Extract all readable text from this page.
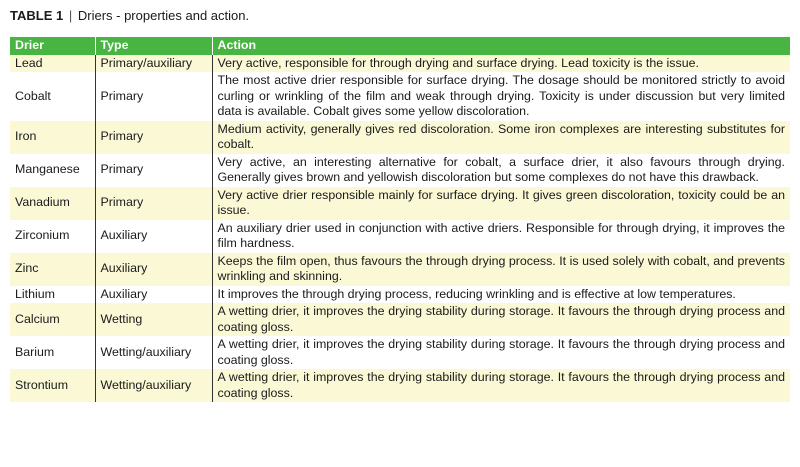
TABLE 1 | Driers - properties and action.
Drier	Type	Action
Lead	Primary/auxiliary	Very active, responsible for through drying and surface drying. Lead toxicity is the issue.
Cobalt	Primary	The most active drier responsible for surface drying. The dosage should be monitored strictly to avoid curling or wrinkling of the film and weak through drying. Toxicity is under discussion but very limited data is available. Cobalt gives some yellow discoloration.
Iron	Primary	Medium activity, generally gives red discoloration. Some iron complexes are interesting substitutes for cobalt.
Manganese	Primary	Very active, an interesting alternative for cobalt, a surface drier, it also favours through drying. Generally gives brown and yellowish discoloration but some complexes do not have this drawback.
Vanadium	Primary	Very active drier responsible mainly for surface drying. It gives green discoloration, toxicity could be an issue.
Zirconium	Auxiliary	An auxiliary drier used in conjunction with active driers. Responsible for through drying, it improves the film hardness.
Zinc	Auxiliary	Keeps the film open, thus favours the through drying process. It is used solely with cobalt, and prevents wrinkling and skinning.
Lithium	Auxiliary	It improves the through drying process, reducing wrinkling and is effective at low temperatures.
Calcium	Wetting	A wetting drier, it improves the drying stability during storage. It favours the through drying process and coating gloss.
Barium	Wetting/auxiliary	A wetting drier, it improves the drying stability during storage. It favours the through drying process and coating gloss.
Strontium	Wetting/auxiliary	A wetting drier, it improves the drying stability during storage. It favours the through drying process and coating gloss.
